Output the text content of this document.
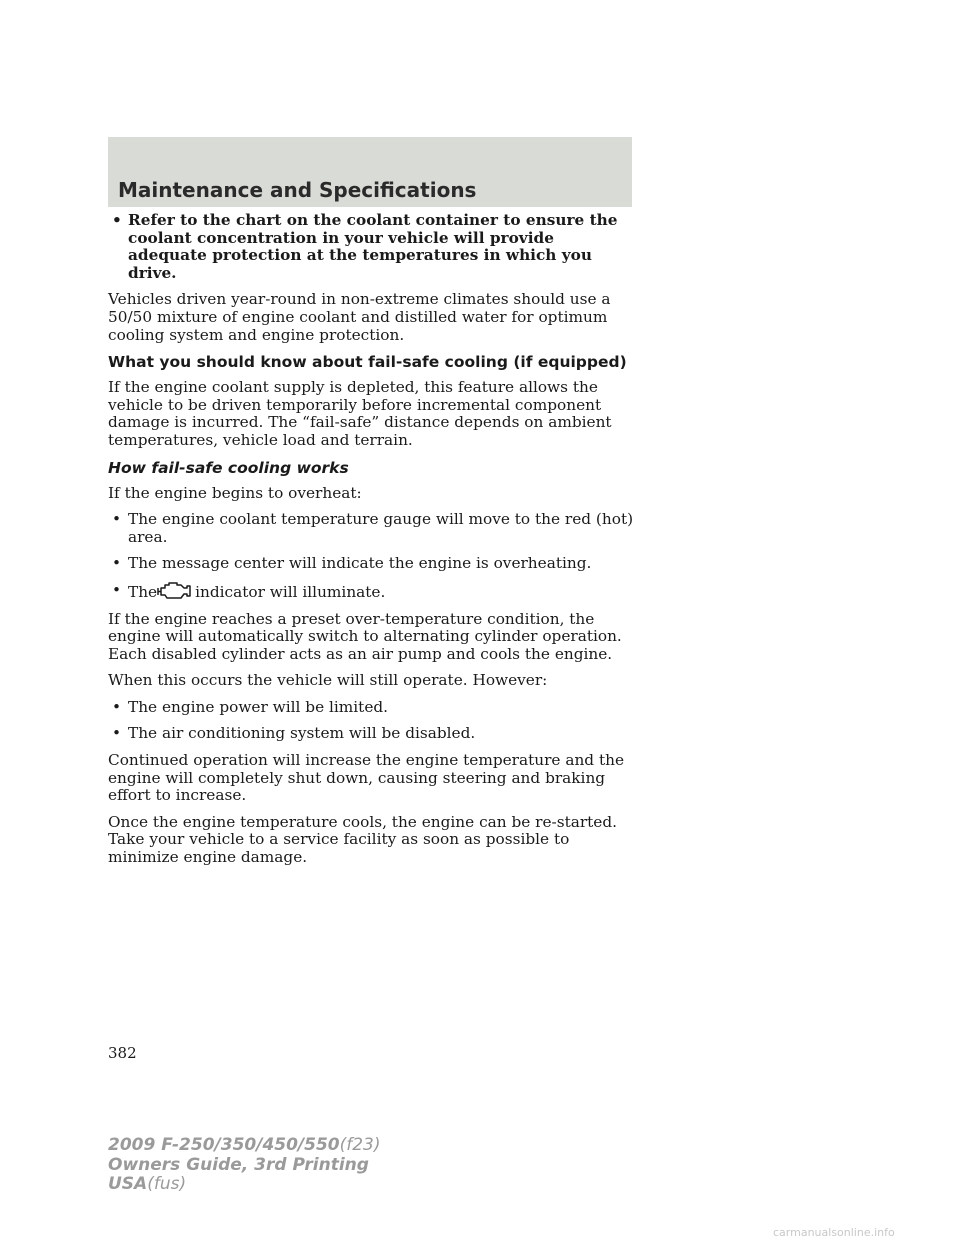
Maintenance and Specifications
• Refer to the chart on the coolant container to ensure the coolant concentration in your vehicle will provide adequate protection at the temperatures in which you drive.

Vehicles driven year-round in non-extreme climates should use a 50/50 mixture of engine coolant and distilled water for optimum cooling system and engine protection.

What you should know about fail-safe cooling (if equipped)

If the engine coolant supply is depleted, this feature allows the vehicle to be driven temporarily before incremental component damage is incurred. The “fail-safe” distance depends on ambient temperatures, vehicle load and terrain.

How fail-safe cooling works

If the engine begins to overheat:

• The engine coolant temperature gauge will move to the red (hot) area.
• The message center will indicate the engine is overheating.
• The indicator will illuminate.

If the engine reaches a preset over-temperature condition, the engine will automatically switch to alternating cylinder operation. Each disabled cylinder acts as an air pump and cools the engine.

When this occurs the vehicle will still operate. However:

• The engine power will be limited.
• The air conditioning system will be disabled.

Continued operation will increase the engine temperature and the engine will completely shut down, causing steering and braking effort to increase.

Once the engine temperature cools, the engine can be re-started. Take your vehicle to a service facility as soon as possible to minimize engine damage.

382
2009 F-250/350/450/550(f23)
Owners Guide, 3rd Printing
USA(fus)
carmanualsonline.info
